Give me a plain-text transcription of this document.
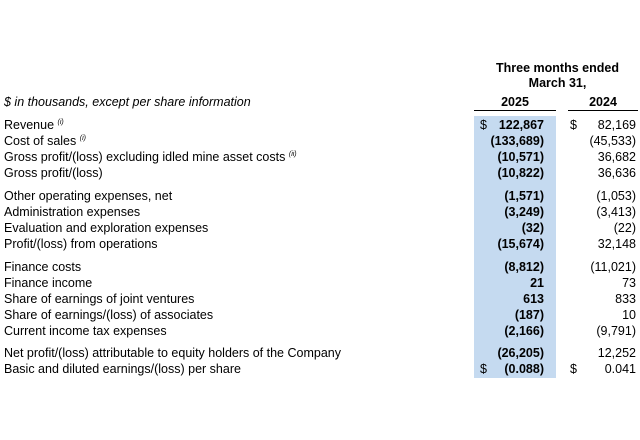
Three months ended
March 31,
$ in thousands, except per share information	2025	2024
Revenue $^{(i)}$	$ 122,867 $ 82,169
Cost of sales $^{(i)}$	(133,689)	(45,533)
Gross profit/(loss) excluding idled mine asset costs $^{(ii)}$	(10,571)	36,682
Gross profit/(loss)	(10,822)	36,636
Other operating expenses, net	(1,571)	(1,053)
Administration expenses	(3,249)	(3,413)
Evaluation and exploration expenses	(32)	(22)
Profit/(loss) from operations	(15,674)	32,148
Finance costs	(8,812)	(11,021)
Finance income	21	73
Share of earnings of joint ventures	613	833
Share of earnings/(loss) of associates	(187)	10
Current income tax expenses	(2,166)	(9,791)
Net profit/(loss) attributable to equity holders of the Company	(26,205)	12,252
Basic and diluted earnings/(loss) per share	$ (0.088) $ 0.041
